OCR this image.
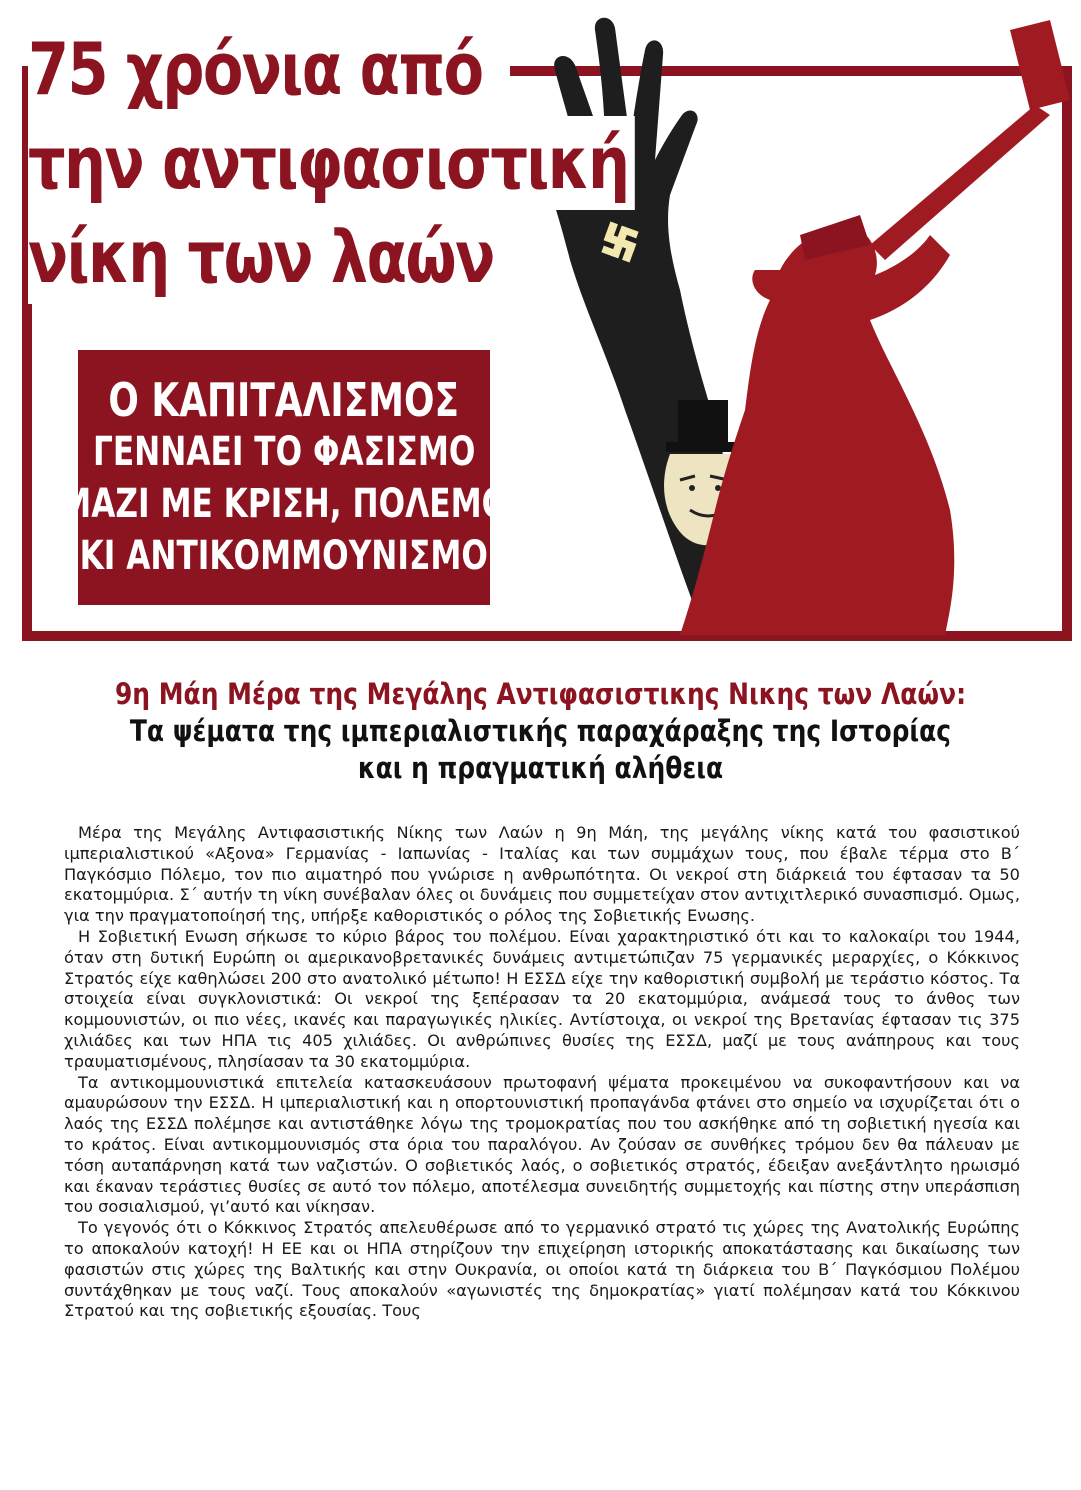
75 χρόνια από
την αντιφασιστική
νίκη των λαών
Ο ΚΑΠΙΤΑΛΙΣΜΟΣ
ΓΕΝΝΑΕΙ ΤΟ ΦΑΣΙΣΜΟ
ΜΑΖΙ ΜΕ ΚΡΙΣΗ, ΠΟΛΕΜΟ
ΚΙ ΑΝΤΙΚΟΜΜΟΥΝΙΣΜΟ
9η Μάη Μέρα της Μεγάλης Αντιφασιστικης Νικης των Λαών:
Τα ψέματα της ιμπεριαλιστικής παραχάραξης της Ιστορίας
και η πραγματική αλήθεια

Μέρα της Μεγάλης Αντιφασιστικής Νίκης των Λαών η 9η Μάη, της μεγάλης νίκης κατά του φασιστικού ιμπεριαλιστικού «Αξονα» Γερμανίας - Ιαπωνίας - Ιταλίας και των συμμάχων τους, που έβαλε τέρμα στο Β΄ Παγκόσμιο Πόλεμο, τον πιο αιματηρό που γνώρισε η ανθρωπότητα. Οι νεκροί στη διάρκειά του έφτασαν τα 50 εκατομμύρια. Σ΄ αυτήν τη νίκη συνέβαλαν όλες οι δυνάμεις που συμμετείχαν στον αντιχιτλερικό συνασπισμό. Ομως, για την πραγματοποίησή της, υπήρξε καθοριστικός ο ρόλος της Σοβιετικής Ενωσης.

Η Σοβιετική Ενωση σήκωσε το κύριο βάρος του πολέμου. Είναι χαρακτηριστικό ότι και το καλοκαίρι του 1944, όταν στη δυτική Ευρώπη οι αμερικανοβρετανικές δυνάμεις αντιμετώπιζαν 75 γερμανικές μεραρχίες, ο Κόκκινος Στρατός είχε καθηλώσει 200 στο ανατολικό μέτωπο! Η ΕΣΣΔ είχε την καθοριστική συμβολή με τεράστιο κόστος. Τα στοιχεία είναι συγκλονιστικά: Οι νεκροί της ξεπέρασαν τα 20 εκατομμύρια, ανάμεσά τους το άνθος των κομμουνιστών, οι πιο νέες, ικανές και παραγωγικές ηλικίες. Αντίστοιχα, οι νεκροί της Βρετανίας έφτασαν τις 375 χιλιάδες και των ΗΠΑ τις 405 χιλιάδες. Οι ανθρώπινες θυσίες της ΕΣΣΔ, μαζί με τους ανάπηρους και τους τραυματισμένους, πλησίασαν τα 30 εκατομμύρια.

Τα αντικομμουνιστικά επιτελεία κατασκευάσουν πρωτοφανή ψέματα προκειμένου να συκοφαντήσουν και να αμαυρώσουν την ΕΣΣΔ. Η ιμπεριαλιστική και η οπορτουνιστική προπαγάνδα φτάνει στο σημείο να ισχυρίζεται ότι ο λαός της ΕΣΣΔ πολέμησε και αντιστάθηκε λόγω της τρομοκρατίας που του ασκήθηκε από τη σοβιετική ηγεσία και το κράτος. Είναι αντικομμουνισμός στα όρια του παραλόγου. Αν ζούσαν σε συνθήκες τρόμου δεν θα πάλευαν με τόση αυταπάρνηση κατά των ναζιστών. Ο σοβιετικός λαός, ο σοβιετικός στρατός, έδειξαν ανεξάντλητο ηρωισμό και έκαναν τεράστιες θυσίες σε αυτό τον πόλεμο, αποτέλεσμα συνειδητής συμμετοχής και πίστης στην υπεράσπιση του σοσιαλισμού, γι’αυτό και νίκησαν.

Το γεγονός ότι ο Κόκκινος Στρατός απελευθέρωσε από το γερμανικό στρατό τις χώρες της Ανατολικής Ευρώπης το αποκαλούν κατοχή! Η ΕΕ και οι ΗΠΑ στηρίζουν την επιχείρηση ιστορικής αποκατάστασης και δικαίωσης των φασιστών στις χώρες της Βαλτικής και στην Ουκρανία, οι οποίοι κατά τη διάρκεια του Β΄ Παγκόσμιου Πολέμου συντάχθηκαν με τους ναζί. Τους αποκαλούν «αγωνιστές της δημοκρατίας» γιατί πολέμησαν κατά του Κόκκινου Στρατού και της σοβιετικής εξουσίας. Τους
